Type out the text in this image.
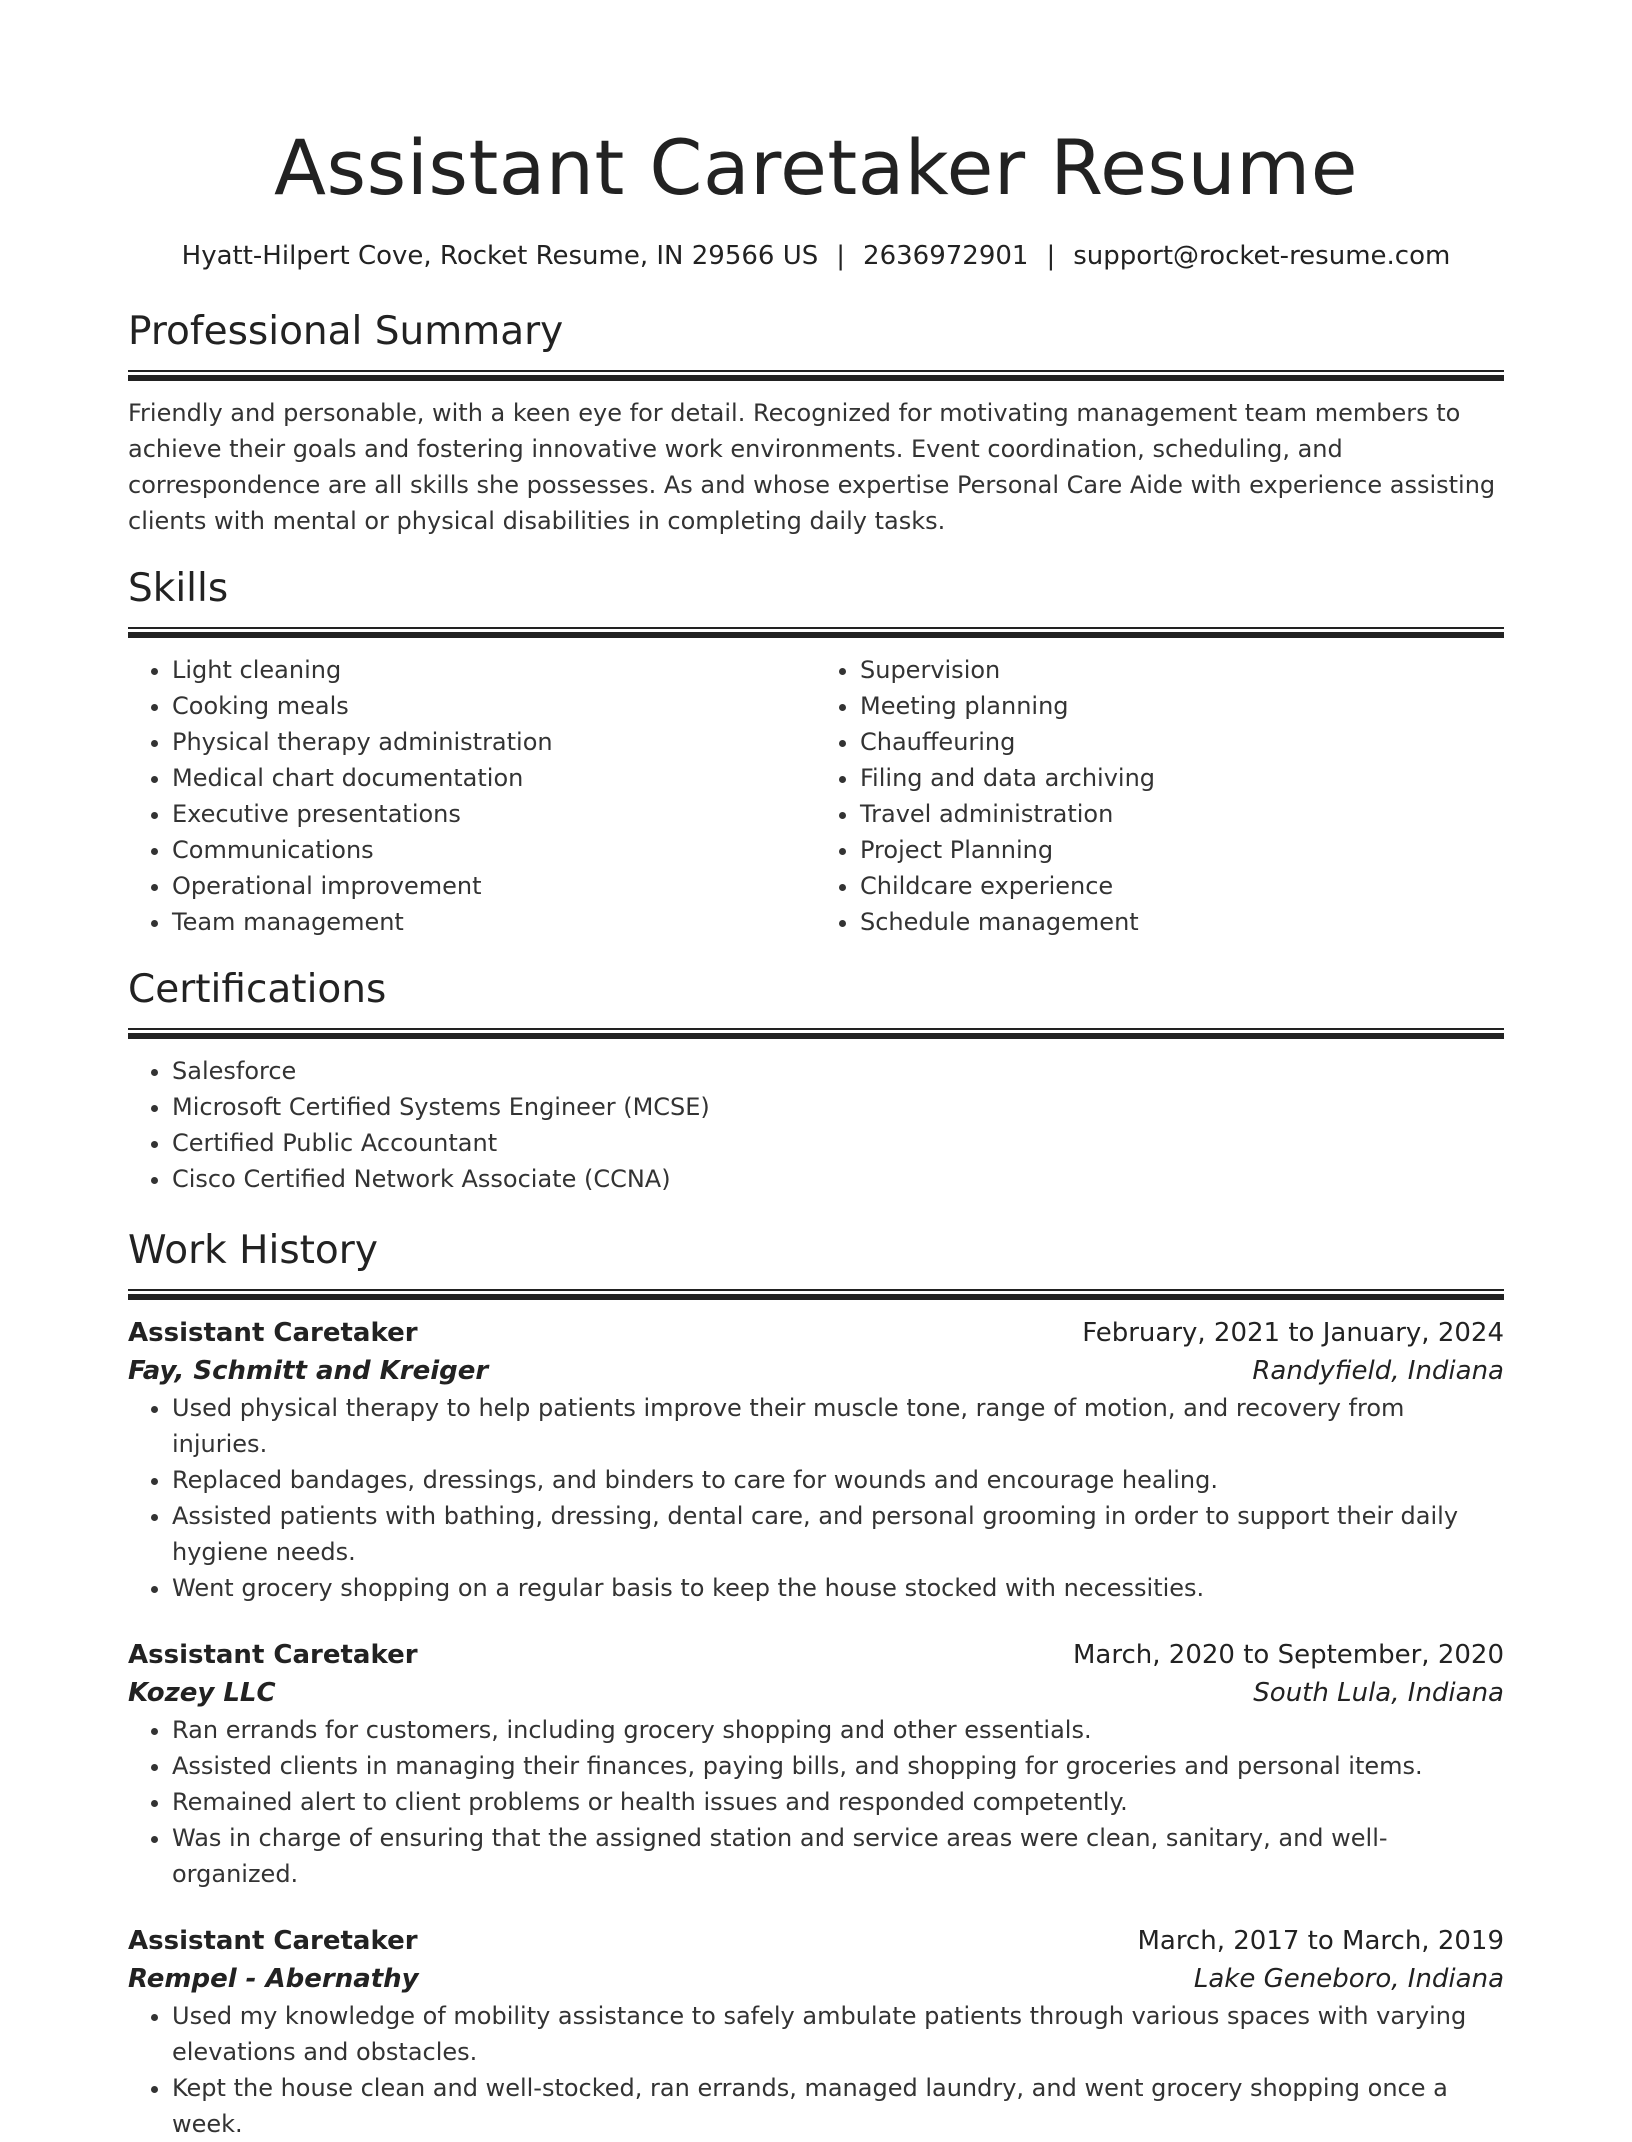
Assistant Caretaker Resume
Hyatt-Hilpert Cove, Rocket Resume, IN 29566 US | 2636972901 | support@rocket-resume.com
Professional Summary
Friendly and personable, with a keen eye for detail. Recognized for motivating management team members to achieve their goals and fostering innovative work environments. Event coordination, scheduling, and correspondence are all skills she possesses. As and whose expertise Personal Care Aide with experience assisting clients with mental or physical disabilities in completing daily tasks.
Skills
• Light cleaning
• Cooking meals
• Physical therapy administration
• Medical chart documentation
• Executive presentations
• Communications
• Operational improvement
• Team management
• Supervision
• Meeting planning
• Chauffeuring
• Filing and data archiving
• Travel administration
• Project Planning
• Childcare experience
• Schedule management
Certifications
• Salesforce
• Microsoft Certified Systems Engineer (MCSE)
• Certified Public Accountant
• Cisco Certified Network Associate (CCNA)
Work History
Assistant Caretaker	February, 2021 to January, 2024
Fay, Schmitt and Kreiger	Randyfield, Indiana
• Used physical therapy to help patients improve their muscle tone, range of motion, and recovery from injuries.
• Replaced bandages, dressings, and binders to care for wounds and encourage healing.
• Assisted patients with bathing, dressing, dental care, and personal grooming in order to support their daily hygiene needs.
• Went grocery shopping on a regular basis to keep the house stocked with necessities.
Assistant Caretaker	March, 2020 to September, 2020
Kozey LLC	South Lula, Indiana
• Ran errands for customers, including grocery shopping and other essentials.
• Assisted clients in managing their finances, paying bills, and shopping for groceries and personal items.
• Remained alert to client problems or health issues and responded competently.
• Was in charge of ensuring that the assigned station and service areas were clean, sanitary, and well-organized.
Assistant Caretaker	March, 2017 to March, 2019
Rempel - Abernathy	Lake Geneboro, Indiana
• Used my knowledge of mobility assistance to safely ambulate patients through various spaces with varying elevations and obstacles.
• Kept the house clean and well-stocked, ran errands, managed laundry, and went grocery shopping once a week.
